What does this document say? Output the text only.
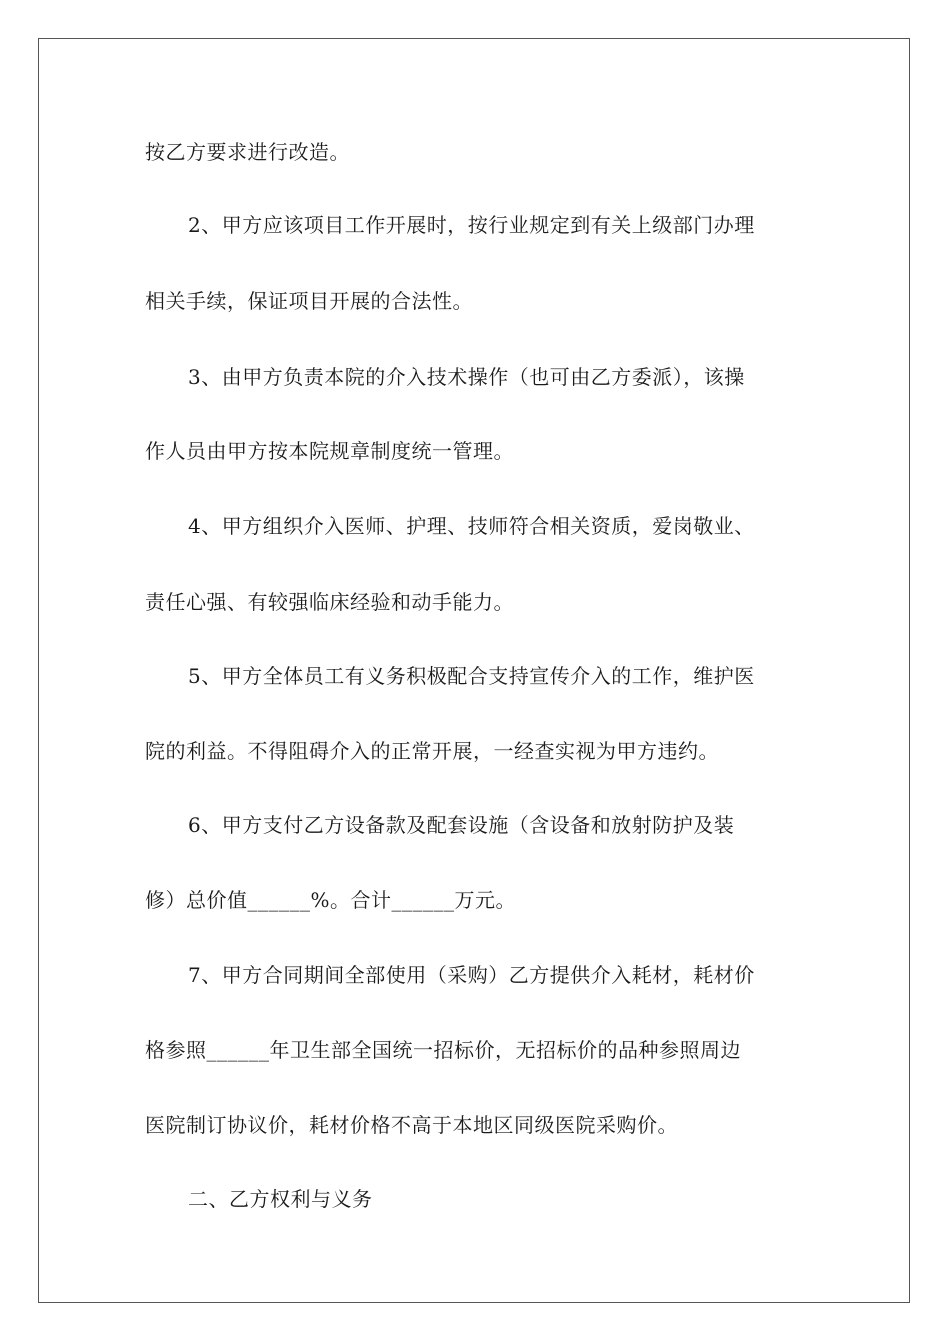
按乙方要求进行改造。
2、甲方应该项目工作开展时，按行业规定到有关上级部门办理
相关手续，保证项目开展的合法性。
3、由甲方负责本院的介入技术操作（也可由乙方委派），该操
作人员由甲方按本院规章制度统一管理。
4、甲方组织介入医师、护理、技师符合相关资质，爱岗敬业、
责任心强、有较强临床经验和动手能力。
5、甲方全体员工有义务积极配合支持宣传介入的工作，维护医
院的利益。不得阻碍介入的正常开展，一经查实视为甲方违约。
6、甲方支付乙方设备款及配套设施（含设备和放射防护及装
修）总价值______%。合计______万元。
7、甲方合同期间全部使用（采购）乙方提供介入耗材，耗材价
格参照______年卫生部全国统一招标价，无招标价的品种参照周边
医院制订协议价，耗材价格不高于本地区同级医院采购价。
二、乙方权利与义务
